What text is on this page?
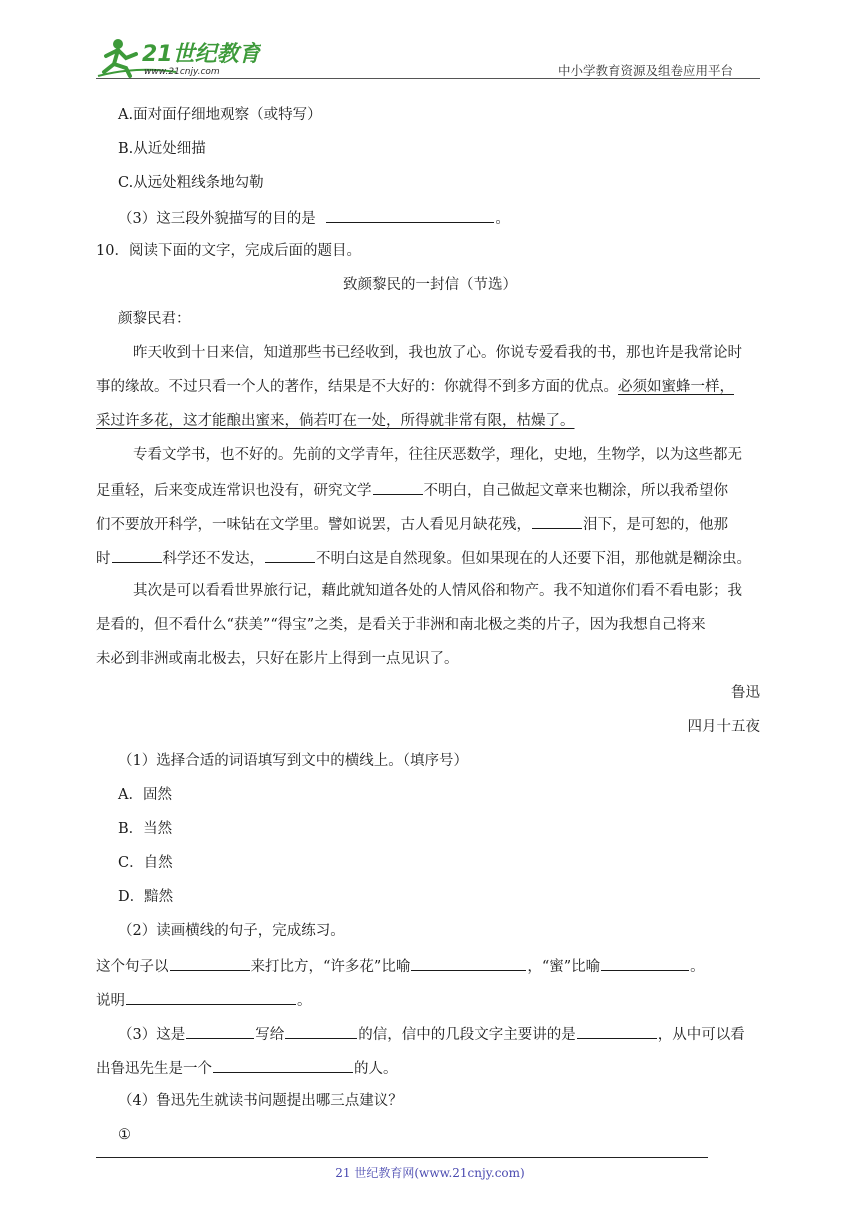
21世纪教育
www.21cnjy.com	中小学教育资源及组卷应用平台
A.面对面仔细地观察（或特写）
B.从近处细描
C.从远处粗线条地勾勒
（3）这三段外貌描写的目的是	。
10．阅读下面的文字，完成后面的题目。
致颜黎民的一封信（节选）
颜黎民君：
昨天收到十日来信，知道那些书已经收到，我也放了心。你说专爱看我的书，那也许是我常论时
事的缘故。不过只看一个人的著作，结果是不大好的：你就得不到多方面的优点。必须如蜜蜂一样，
采过许多花，这才能酿出蜜来，倘若叮在一处，所得就非常有限，枯燥了。
专看文学书，也不好的。先前的文学青年，往往厌恶数学，理化，史地，生物学，以为这些都无
足重轻，后来变成连常识也没有，研究文学	不明白，自己做起文章来也糊涂，所以我希望你
们不要放开科学，一味钻在文学里。譬如说罢，古人看见月缺花残，	泪下，是可恕的，他那
时	科学还不发达，	不明白这是自然现象。但如果现在的人还要下泪，那他就是糊涂虫。
其次是可以看看世界旅行记，藉此就知道各处的人情风俗和物产。我不知道你们看不看电影；我
是看的，但不看什么“获美”“得宝”之类，是看关于非洲和南北极之类的片子，因为我想自己将来
未必到非洲或南北极去，只好在影片上得到一点见识了。
鲁迅
四月十五夜
（1）选择合适的词语填写到文中的横线上。（填序号）
A．固然
B．当然
C．自然
D．黯然
（2）读画横线的句子，完成练习。
这个句子以	来打比方，“许多花”比喻	，“蜜”比喻	。
说明	。
（3）这是	写给	的信，信中的几段文字主要讲的是	，从中可以看
出鲁迅先生是一个	的人。
（4）鲁迅先生就读书问题提出哪三点建议？
①
21 世纪教育网(www.21cnjy.com)
